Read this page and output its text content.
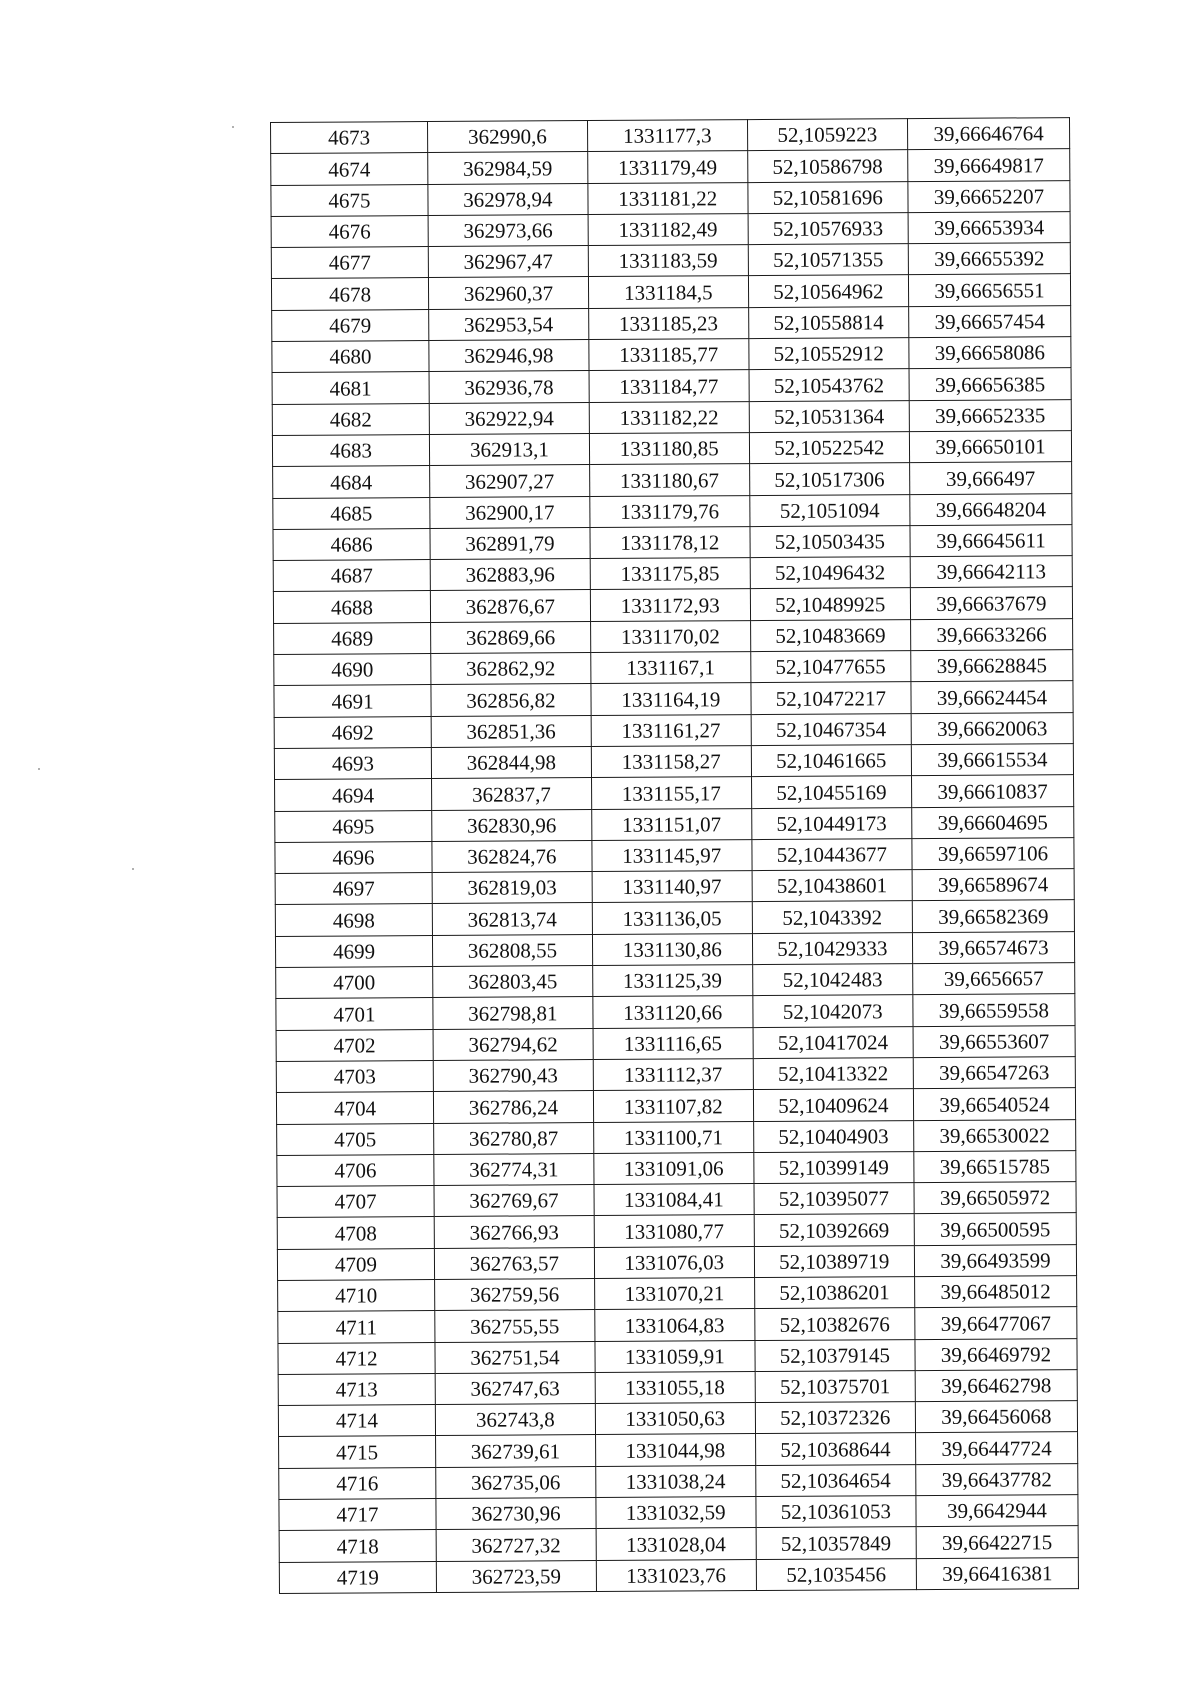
4673	362990,6	1331177,3	52,1059223	39,66646764
4674	362984,59	1331179,49	52,10586798	39,66649817
4675	362978,94	1331181,22	52,10581696	39,66652207
4676	362973,66	1331182,49	52,10576933	39,66653934
4677	362967,47	1331183,59	52,10571355	39,66655392
4678	362960,37	1331184,5	52,10564962	39,66656551
4679	362953,54	1331185,23	52,10558814	39,66657454
4680	362946,98	1331185,77	52,10552912	39,66658086
4681	362936,78	1331184,77	52,10543762	39,66656385
4682	362922,94	1331182,22	52,10531364	39,66652335
4683	362913,1	1331180,85	52,10522542	39,66650101
4684	362907,27	1331180,67	52,10517306	39,666497
4685	362900,17	1331179,76	52,1051094	39,66648204
4686	362891,79	1331178,12	52,10503435	39,66645611
4687	362883,96	1331175,85	52,10496432	39,66642113
4688	362876,67	1331172,93	52,10489925	39,66637679
4689	362869,66	1331170,02	52,10483669	39,66633266
4690	362862,92	1331167,1	52,10477655	39,66628845
4691	362856,82	1331164,19	52,10472217	39,66624454
4692	362851,36	1331161,27	52,10467354	39,66620063
4693	362844,98	1331158,27	52,10461665	39,66615534
4694	362837,7	1331155,17	52,10455169	39,66610837
4695	362830,96	1331151,07	52,10449173	39,66604695
4696	362824,76	1331145,97	52,10443677	39,66597106
4697	362819,03	1331140,97	52,10438601	39,66589674
4698	362813,74	1331136,05	52,1043392	39,66582369
4699	362808,55	1331130,86	52,10429333	39,66574673
4700	362803,45	1331125,39	52,1042483	39,6656657
4701	362798,81	1331120,66	52,1042073	39,66559558
4702	362794,62	1331116,65	52,10417024	39,66553607
4703	362790,43	1331112,37	52,10413322	39,66547263
4704	362786,24	1331107,82	52,10409624	39,66540524
4705	362780,87	1331100,71	52,10404903	39,66530022
4706	362774,31	1331091,06	52,10399149	39,66515785
4707	362769,67	1331084,41	52,10395077	39,66505972
4708	362766,93	1331080,77	52,10392669	39,66500595
4709	362763,57	1331076,03	52,10389719	39,66493599
4710	362759,56	1331070,21	52,10386201	39,66485012
4711	362755,55	1331064,83	52,10382676	39,66477067
4712	362751,54	1331059,91	52,10379145	39,66469792
4713	362747,63	1331055,18	52,10375701	39,66462798
4714	362743,8	1331050,63	52,10372326	39,66456068
4715	362739,61	1331044,98	52,10368644	39,66447724
4716	362735,06	1331038,24	52,10364654	39,66437782
4717	362730,96	1331032,59	52,10361053	39,6642944
4718	362727,32	1331028,04	52,10357849	39,66422715
4719	362723,59	1331023,76	52,1035456	39,66416381
